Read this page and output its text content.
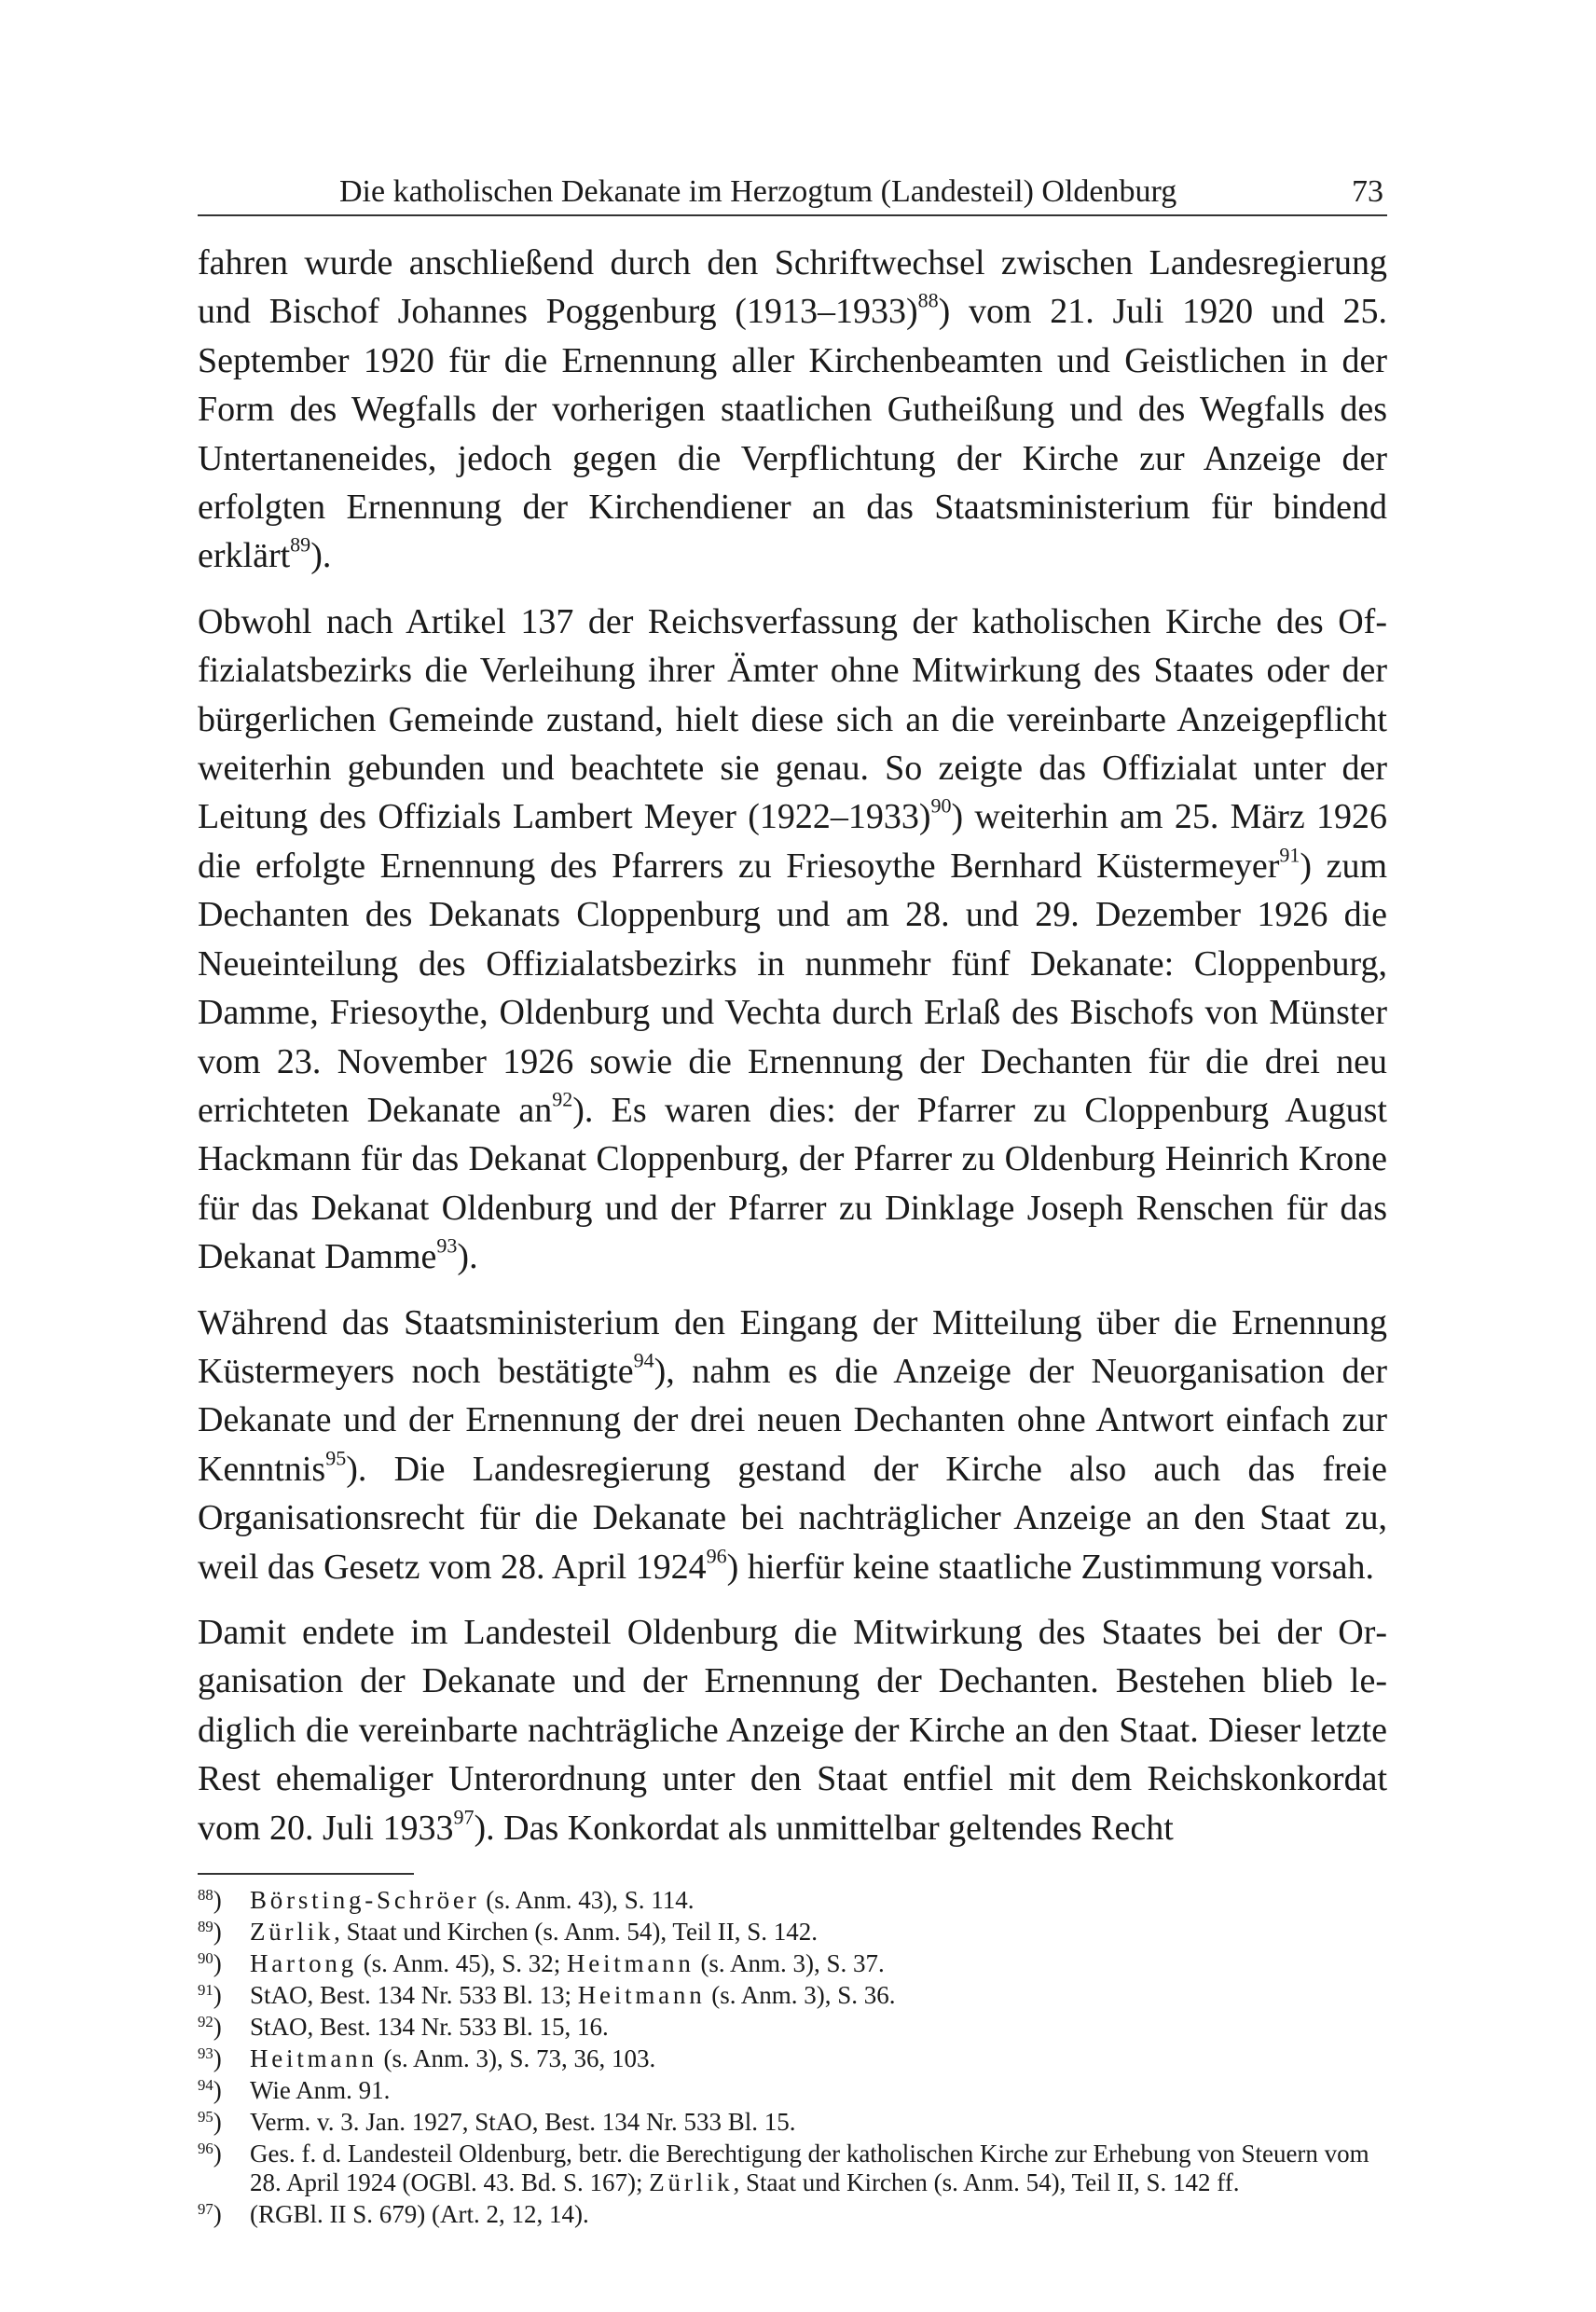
Die katholischen Dekanate im Herzogtum (Landesteil) Oldenburg	73

fahren wurde anschließend durch den Schriftwechsel zwischen Landesregierung und Bischof Johannes Poggenburg (1913–1933)$^{88}$) vom 21. Juli 1920 und 25. September 1920 für die Ernennung aller Kirchenbeamten und Geistlichen in der Form des Wegfalls der vorherigen staatlichen Gutheißung und des Wegfalls des Untertaneneides, jedoch gegen die Verpflichtung der Kirche zur Anzeige der erfolgten Ernennung der Kirchendiener an das Staatsministerium für bindend erklärt$^{89}$).

Obwohl nach Artikel 137 der Reichsverfassung der katholischen Kirche des Offizialatsbezirks die Verleihung ihrer Ämter ohne Mitwirkung des Staates oder der bürgerlichen Gemeinde zustand, hielt diese sich an die vereinbarte Anzeigepflicht weiterhin gebunden und beachtete sie genau. So zeigte das Offizialat unter der Leitung des Offizials Lambert Meyer (1922–1933)$^{90}$) weiterhin am 25. März 1926 die erfolgte Ernennung des Pfarrers zu Friesoythe Bernhard Küstermeyer$^{91}$) zum Dechanten des Dekanats Cloppenburg und am 28. und 29. Dezember 1926 die Neueinteilung des Offizialatsbezirks in nunmehr fünf Dekanate: Cloppenburg, Damme, Friesoythe, Oldenburg und Vechta durch Erlaß des Bischofs von Münster vom 23. November 1926 sowie die Ernennung der Dechanten für die drei neu errichteten Dekanate $an^{92}$). Es waren dies: der Pfarrer zu Cloppenburg August Hackmann für das Dekanat Cloppenburg, der Pfarrer zu Oldenburg Heinrich Krone für das Dekanat Oldenburg und der Pfarrer zu Dinklage Joseph Renschen für das Dekanat Damme$^{93}$).

Während das Staatsministerium den Eingang der Mitteilung über die Ernennung Küstermeyers noch bestätigte$^{94}$), nahm es die Anzeige der Neuorganisation der Dekanate und der Ernennung der drei neuen Dechanten ohne Antwort einfach zur Kenntnis$^{95}$). Die Landesregierung gestand der Kirche also auch das freie Organisationsrecht für die Dekanate bei nachträglicher Anzeige an den Staat zu, weil das Gesetz vom 28. April 1924$^{96}$) hierfür keine staatliche Zustimmung vorsah.

Damit endete im Landesteil Oldenburg die Mitwirkung des Staates bei der Organisation der Dekanate und der Ernennung der Dechanten. Bestehen blieb lediglich die vereinbarte nachträgliche Anzeige der Kirche an den Staat. Dieser letzte Rest ehemaliger Unterordnung unter den Staat entfiel mit dem Reichskonkordat vom 20. Juli 1933$^{97}$). Das Konkordat als unmittelbar geltendes Recht

$^{88}$)	Börsting-Schröer (s. Anm. 43), S. 114.
$^{89}$)	Zürlik, Staat und Kirchen (s. Anm. 54), Teil II, S. 142.
$^{90}$)	Hartong (s. Anm. 45), S. 32; Heitmann (s. Anm. 3), S. 37.
$^{91}$)	StAO, Best. 134 Nr. 533 Bl. 13; Heitmann (s. Anm. 3), S. 36.
$^{92}$)	StAO, Best. 134 Nr. 533 Bl. 15, 16.
$^{93}$)	Heitmann (s. Anm. 3), S. 73, 36, 103.
$^{94}$)	Wie Anm. 91.
$^{95}$)	Verm. v. 3. Jan. 1927, StAO, Best. 134 Nr. 533 Bl. 15.
$^{96}$)	Ges. f. d. Landesteil Oldenburg, betr. die Berechtigung der katholischen Kirche zur Erhebung von Steuern vom 28. April 1924 (OGBl. 43. Bd. S. 167); Zürlik, Staat und Kirchen (s. Anm. 54), Teil II, S. 142 ff.
$^{97}$)	(RGBl. II S. 679) (Art. 2, 12, 14).
